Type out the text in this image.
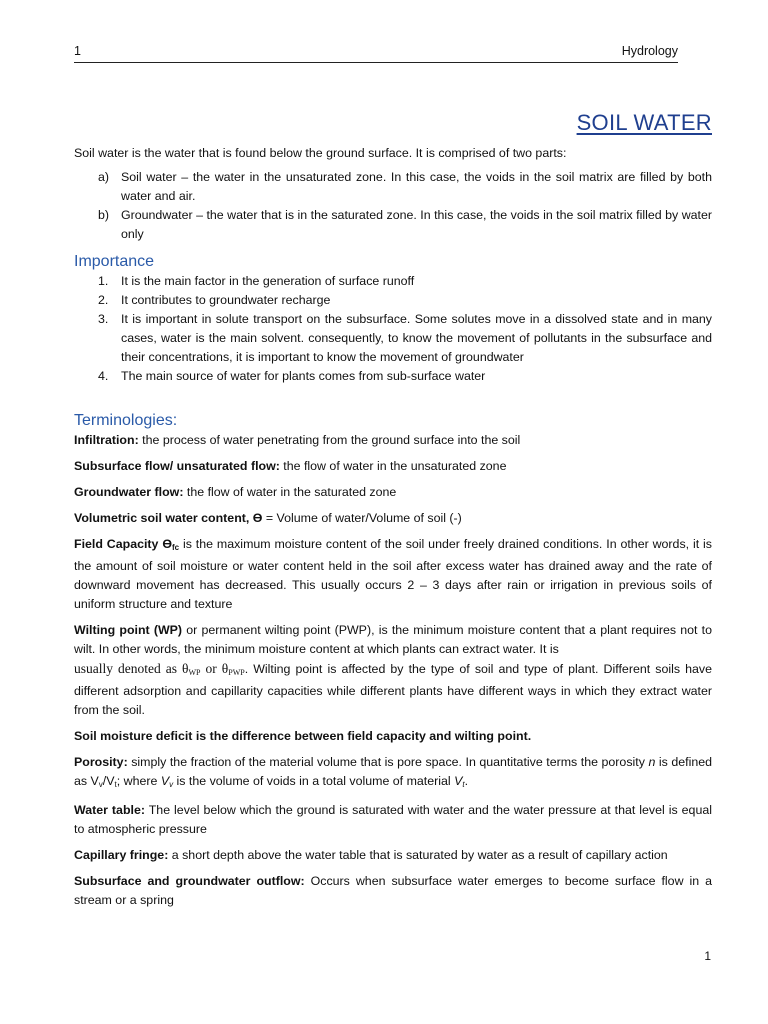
1	Hydrology
SOIL WATER

Soil water is the water that is found below the ground surface. It is comprised of two parts:

a) Soil water – the water in the unsaturated zone. In this case, the voids in the soil matrix are filled by both water and air.
b) Groundwater – the water that is in the saturated zone. In this case, the voids in the soil matrix filled by water only
Importance
1. It is the main factor in the generation of surface runoff
2. It contributes to groundwater recharge
3. It is important in solute transport on the subsurface. Some solutes move in a dissolved state and in many cases, water is the main solvent. consequently, to know the movement of pollutants in the subsurface and their concentrations, it is important to know the movement of groundwater
4. The main source of water for plants comes from sub-surface water
Terminologies:

Infiltration: the process of water penetrating from the ground surface into the soil

Subsurface flow/ unsaturated flow: the flow of water in the unsaturated zone

Groundwater flow: the flow of water in the saturated zone

Volumetric soil water content, ϴ = Volume of water/Volume of soil (-)

Field Capacity $ϴ_{fc}$ is the maximum moisture content of the soil under freely drained conditions. In other words, it is the amount of soil moisture or water content held in the soil after excess water has drained away and the rate of downward movement has decreased. This usually occurs 2 – 3 days after rain or irrigation in previous soils of uniform structure and texture

Wilting point (WP) or permanent wilting point (PWP), is the minimum moisture content that a plant requires not to wilt. In other words, the minimum moisture content at which plants can extract water. It is
usually denoted as $\theta_{WP}$ or $\theta_{PWP}$. Wilting point is affected by the type of soil and type of plant. Different soils have different adsorption and capillarity capacities while different plants have different ways in which they extract water from the soil.

Soil moisture deficit is the difference between field capacity and wilting point.

Porosity: simply the fraction of the material volume that is pore space. In quantitative terms the porosity n is defined as $V_v/V_t$; where $V_v$ is the volume of voids in a total volume of material $V_t$.

Water table: The level below which the ground is saturated with water and the water pressure at that level is equal to atmospheric pressure

Capillary fringe: a short depth above the water table that is saturated by water as a result of capillary action

Subsurface and groundwater outflow: Occurs when subsurface water emerges to become surface flow in a stream or a spring

1
